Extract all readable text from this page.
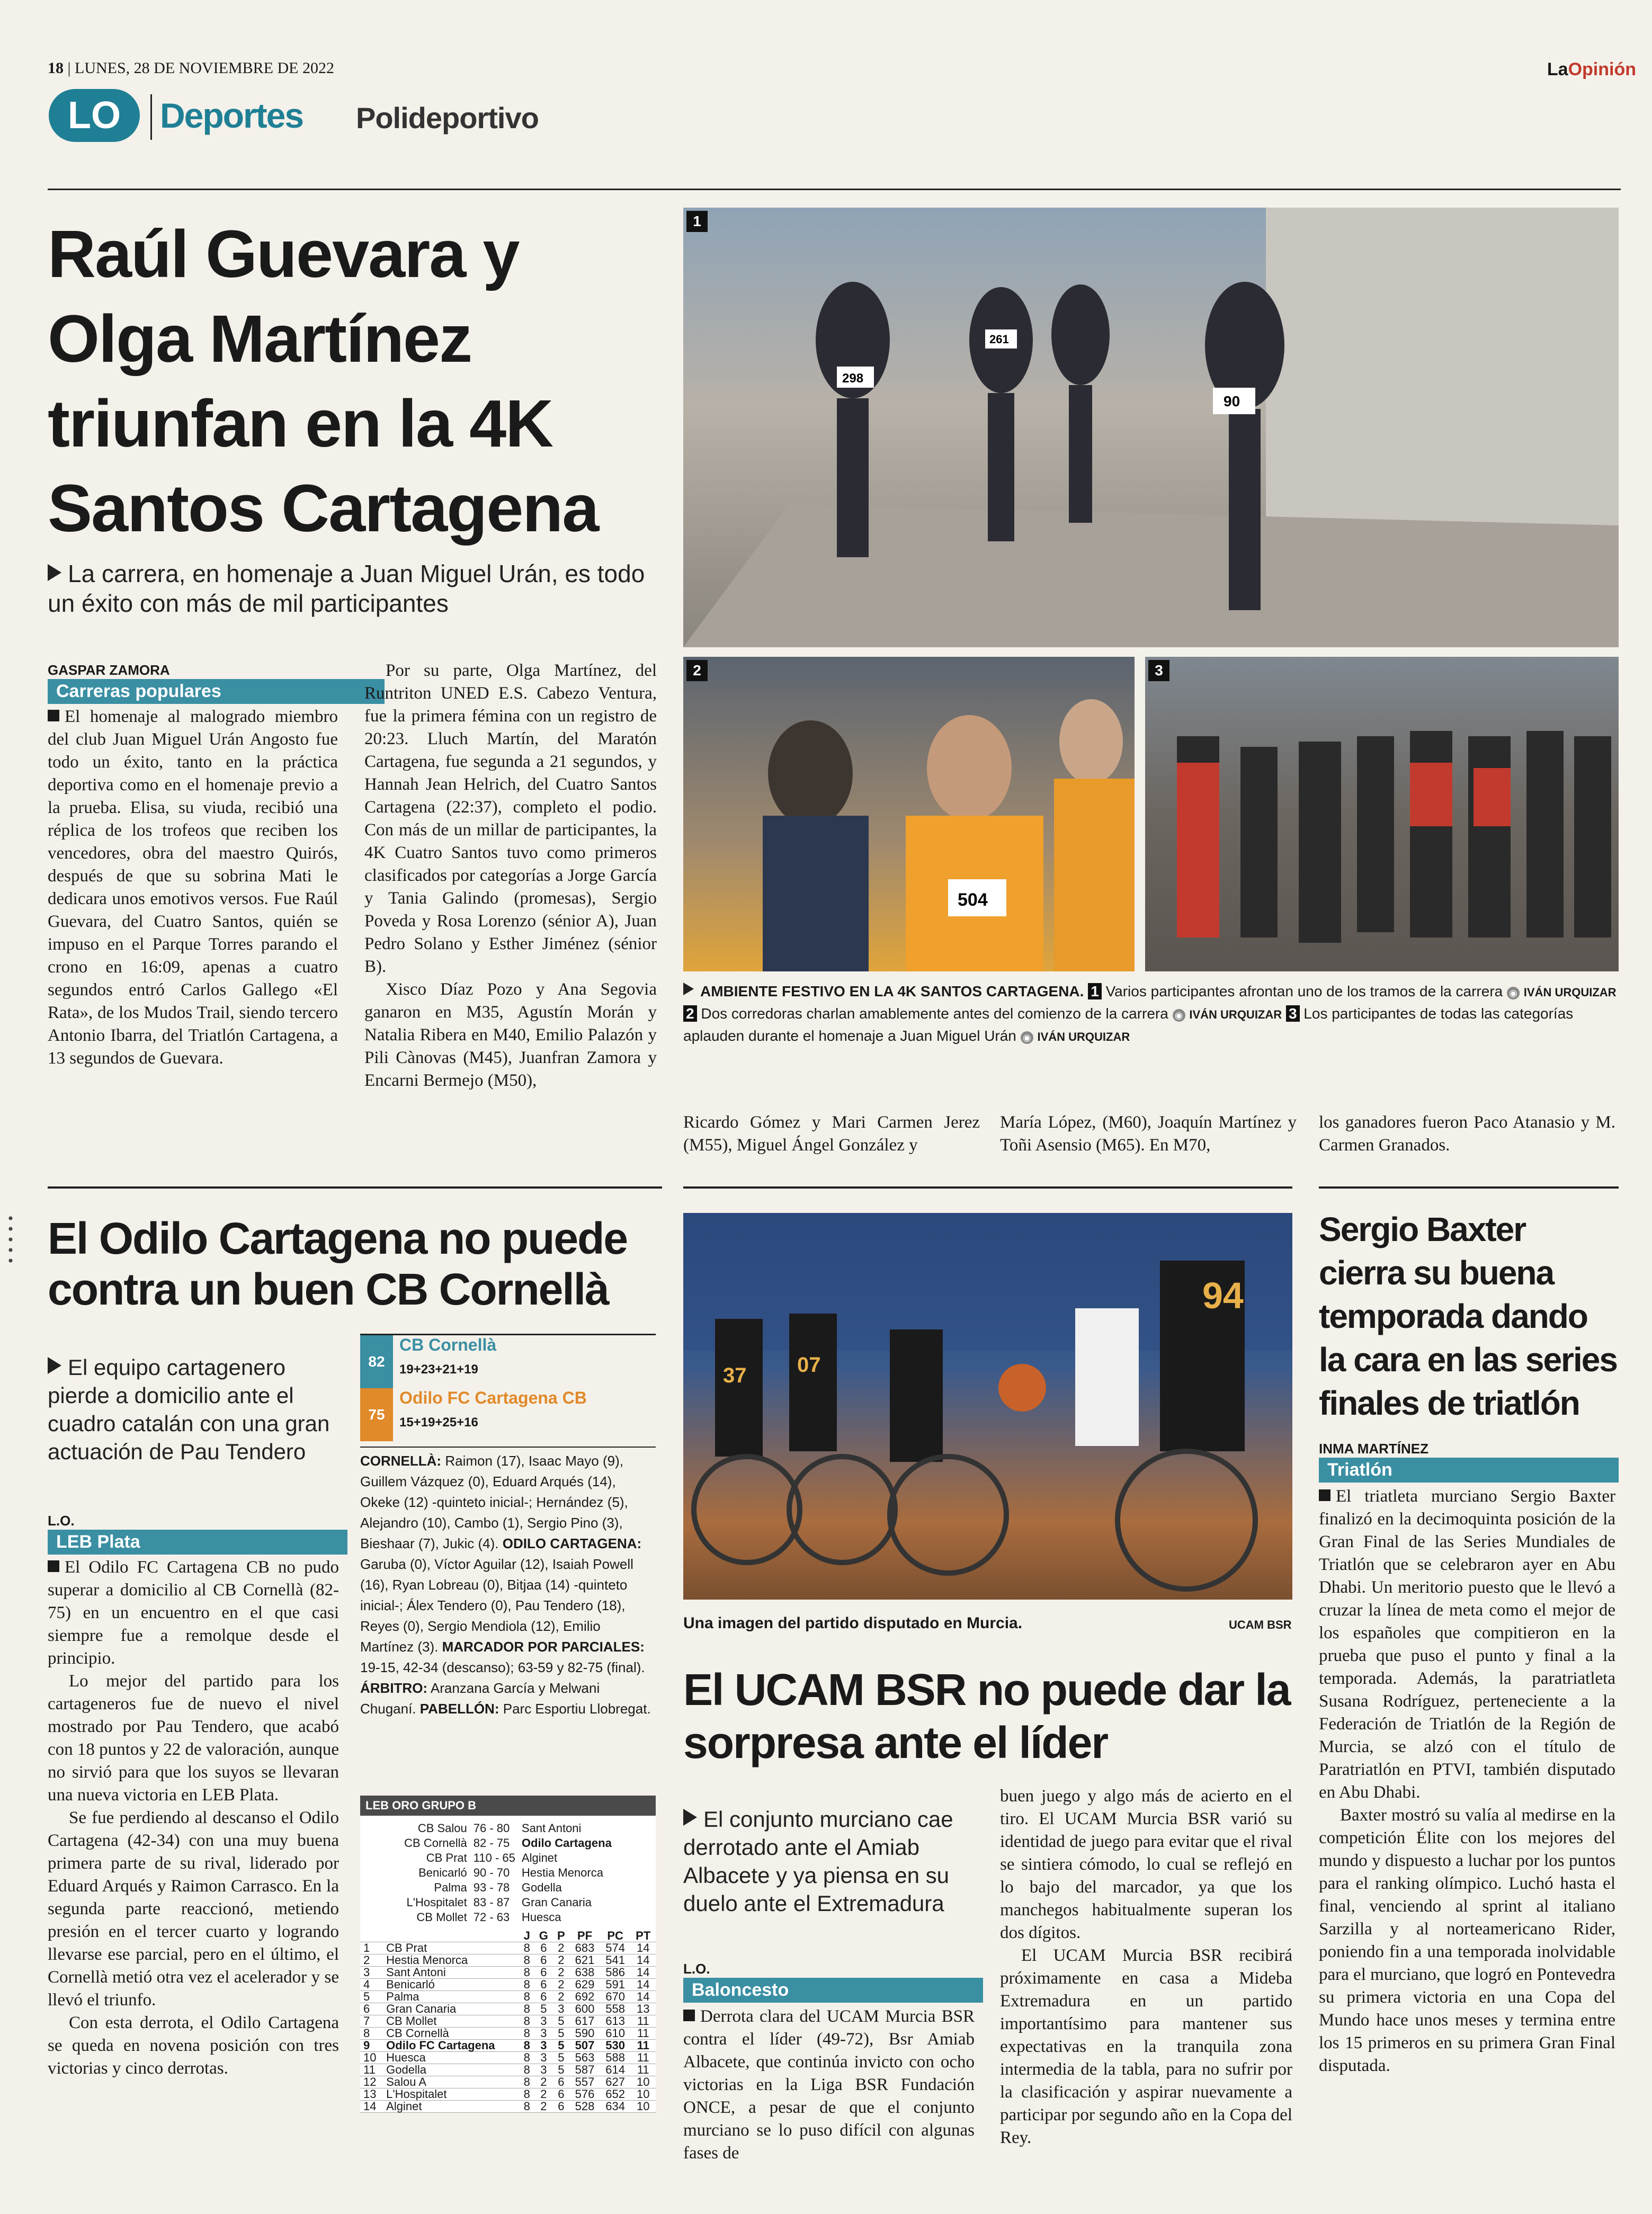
18 | LUNES, 28 DE NOVIEMBRE DE 2022	LaOpinión
LO	Deportes Polideportivo
Raúl Guevara y Olga Martínez triunfan en la 4K Santos Cartagena
La carrera, en homenaje a Juan Miguel Urán, es todo un éxito con más de mil participantes
GASPAR ZAMORA
Carreras populares

El homenaje al malogrado miembro del club Juan Miguel Urán Angosto fue todo un éxito, tanto en la práctica deportiva como en el homenaje previo a la prueba. Elisa, su viuda, recibió una réplica de los trofeos que reciben los vencedores, obra del maestro Quirós, después de que su sobrina Mati le dedicara unos emotivos versos. Fue Raúl Guevara, del Cuatro Santos, quién se impuso en el Parque Torres parando el crono en 16:09, apenas a cuatro segundos entró Carlos Gallego «El Rata», de los Mudos Trail, siendo tercero Antonio Ibarra, del Triatlón Cartagena, a 13 segundos de Guevara.

Por su parte, Olga Martínez, del Runtriton UNED E.S. Cabezo Ventura, fue la primera fémina con un registro de 20:23. Lluch Martín, del Maratón Cartagena, fue segunda a 21 segundos, y Hannah Jean Helrich, del Cuatro Santos Cartagena (22:37), completo el podio. Con más de un millar de participantes, la 4K Cuatro Santos tuvo como primeros clasificados por categorías a Jorge García y Tania Galindo (promesas), Sergio Poveda y Rosa Lorenzo (sénior A), Juan Pedro Solano y Esther Jiménez (sénior B).

Xisco Díaz Pozo y Ana Segovia ganaron en M35, Agustín Morán y Natalia Ribera en M40, Emilio Palazón y Pili Cànovas (M45), Juanfran Zamora y Encarni Bermejo (M50),

298
261
90
1
504
2	3
AMBIENTE FESTIVO EN LA 4K SANTOS CARTAGENA. 1 Varios participantes afrontan uno de los tramos de la carrera ◉ IVÁN URQUIZAR 2 Dos corredoras charlan amablemente antes del comienzo de la carrera ◉ IVÁN URQUIZAR 3 Los participantes de todas las categorías aplauden durante el homenaje a Juan Miguel Urán ◉ IVÁN URQUIZAR
Ricardo Gómez y Mari Carmen Jerez (M55), Miguel Ángel González y
María López, (M60), Joaquín Martínez y Toñi Asensio (M65). En M70,
los ganadores fueron Paco Atanasio y M. Carmen Granados.
El Odilo Cartagena no puede contra un buen CB Cornellà
El equipo cartagenero pierde a domicilio ante el cuadro catalán con una gran actuación de Pau Tendero
L.O.
LEB Plata

El Odilo FC Cartagena CB no pudo superar a domicilio al CB Cornellà (82-75) en un encuentro en el que casi siempre fue a remolque desde el principio.

Lo mejor del partido para los cartageneros fue de nuevo el nivel mostrado por Pau Tendero, que acabó con 18 puntos y 22 de valoración, aunque no sirvió para que los suyos se llevaran una nueva victoria en LEB Plata.

Se fue perdiendo al descanso el Odilo Cartagena (42-34) con una muy buena primera parte de su rival, liderado por Eduard Arqués y Raimon Carrasco. En la segunda parte reaccionó, metiendo presión en el tercer cuarto y logrando llevarse ese parcial, pero en el último, el Cornellà metió otra vez el acelerador y se llevó el triunfo.

Con esta derrota, el Odilo Cartagena se queda en novena posición con tres victorias y cinco derrotas.

82
CB Cornellà
19+23+21+19
75
Odilo FC Cartagena CB
15+19+25+16
CORNELLÀ: Raimon (17), Isaac Mayo (9), Guillem Vázquez (0), Eduard Arqués (14), Okeke (12) -quinteto inicial-; Hernández (5), Alejandro (10), Cambo (1), Sergio Pino (3), Bieshaar (7), Jukic (4). ODILO CARTAGENA: Garuba (0), Víctor Aguilar (12), Isaiah Powell (16), Ryan Lobreau (0), Bitjaa (14) -quinteto inicial-; Álex Tendero (0), Pau Tendero (18), Reyes (0), Sergio Mendiola (12), Emilio Martínez (3). MARCADOR POR PARCIALES: 19-15, 42-34 (descanso); 63-59 y 82-75 (final). ÁRBITRO: Aranzana García y Melwani Chuganí. PABELLÓN: Parc Esportiu Llobregat.
LEB ORO GRUPO B
CB Salou	76 - 80	Sant Antoni
CB Cornellà	82 - 75	Odilo Cartagena
CB Prat	110 - 65	Alginet
Benicarló	90 - 70	Hestia Menorca
Palma	93 - 78	Godella
L'Hospitalet	83 - 87	Gran Canaria
CB Mollet	72 - 63	Huesca
		J	G	P	PF	PC	PT
1	CB Prat	8	6	2	683	574	14
2	Hestia Menorca	8	6	2	621	541	14
3	Sant Antoni	8	6	2	638	586	14
4	Benicarló	8	6	2	629	591	14
5	Palma	8	6	2	692	670	14
6	Gran Canaria	8	5	3	600	558	13
7	CB Mollet	8	3	5	617	613	11
8	CB Cornellà	8	3	5	590	610	11
9	Odilo FC Cartagena	8	3	5	507	530	11
10	Huesca	8	3	5	563	588	11
11	Godella	8	3	5	587	614	11
12	Salou A	8	2	6	557	627	10
13	L'Hospitalet	8	2	6	576	652	10
14	Alginet	8	2	6	528	634	10
37 07
94
Una imagen del partido disputado en Murcia.	UCAM BSR
El UCAM BSR no puede dar la sorpresa ante el líder
El conjunto murciano cae derrotado ante el Amiab Albacete y ya piensa en su duelo ante el Extremadura
L.O.
Baloncesto

Derrota clara del UCAM Murcia BSR contra el líder (49-72), Bsr Amiab Albacete, que continúa invicto con ocho victorias en la Liga BSR Fundación ONCE, a pesar de que el conjunto murciano se lo puso difícil con algunas fases de

buen juego y algo más de acierto en el tiro. El UCAM Murcia BSR varió su identidad de juego para evitar que el rival se sintiera cómodo, lo cual se reflejó en lo bajo del marcador, ya que los manchegos habitualmente superan los dos dígitos.

El UCAM Murcia BSR recibirá próximamente en casa a Mideba Extremadura en un partido importantísimo para mantener sus expectativas en la tranquila zona intermedia de la tabla, para no sufrir por la clasificación y aspirar nuevamente a participar por segundo año en la Copa del Rey.

Sergio Baxter cierra su buena temporada dando la cara en las series finales de triatlón
INMA MARTÍNEZ
Triatlón

El triatleta murciano Sergio Baxter finalizó en la decimoquinta posición de la Gran Final de las Series Mundiales de Triatlón que se celebraron ayer en Abu Dhabi. Un meritorio puesto que le llevó a cruzar la línea de meta como el mejor de los españoles que compitieron en la prueba que puso el punto y final a la temporada. Además, la paratriatleta Susana Rodríguez, perteneciente a la Federación de Triatlón de la Región de Murcia, se alzó con el título de Paratriatlón en PTVI, también disputado en Abu Dhabi.

Baxter mostró su valía al medirse en la competición Élite con los mejores del mundo y dispuesto a luchar por los puntos para el ranking olímpico. Luchó hasta el final, venciendo al sprint al italiano Sarzilla y al norteamericano Rider, poniendo fin a una temporada inolvidable para el murciano, que logró en Pontevedra su primera victoria en una Copa del Mundo hace unos meses y termina entre los 15 primeros en su primera Gran Final disputada.
